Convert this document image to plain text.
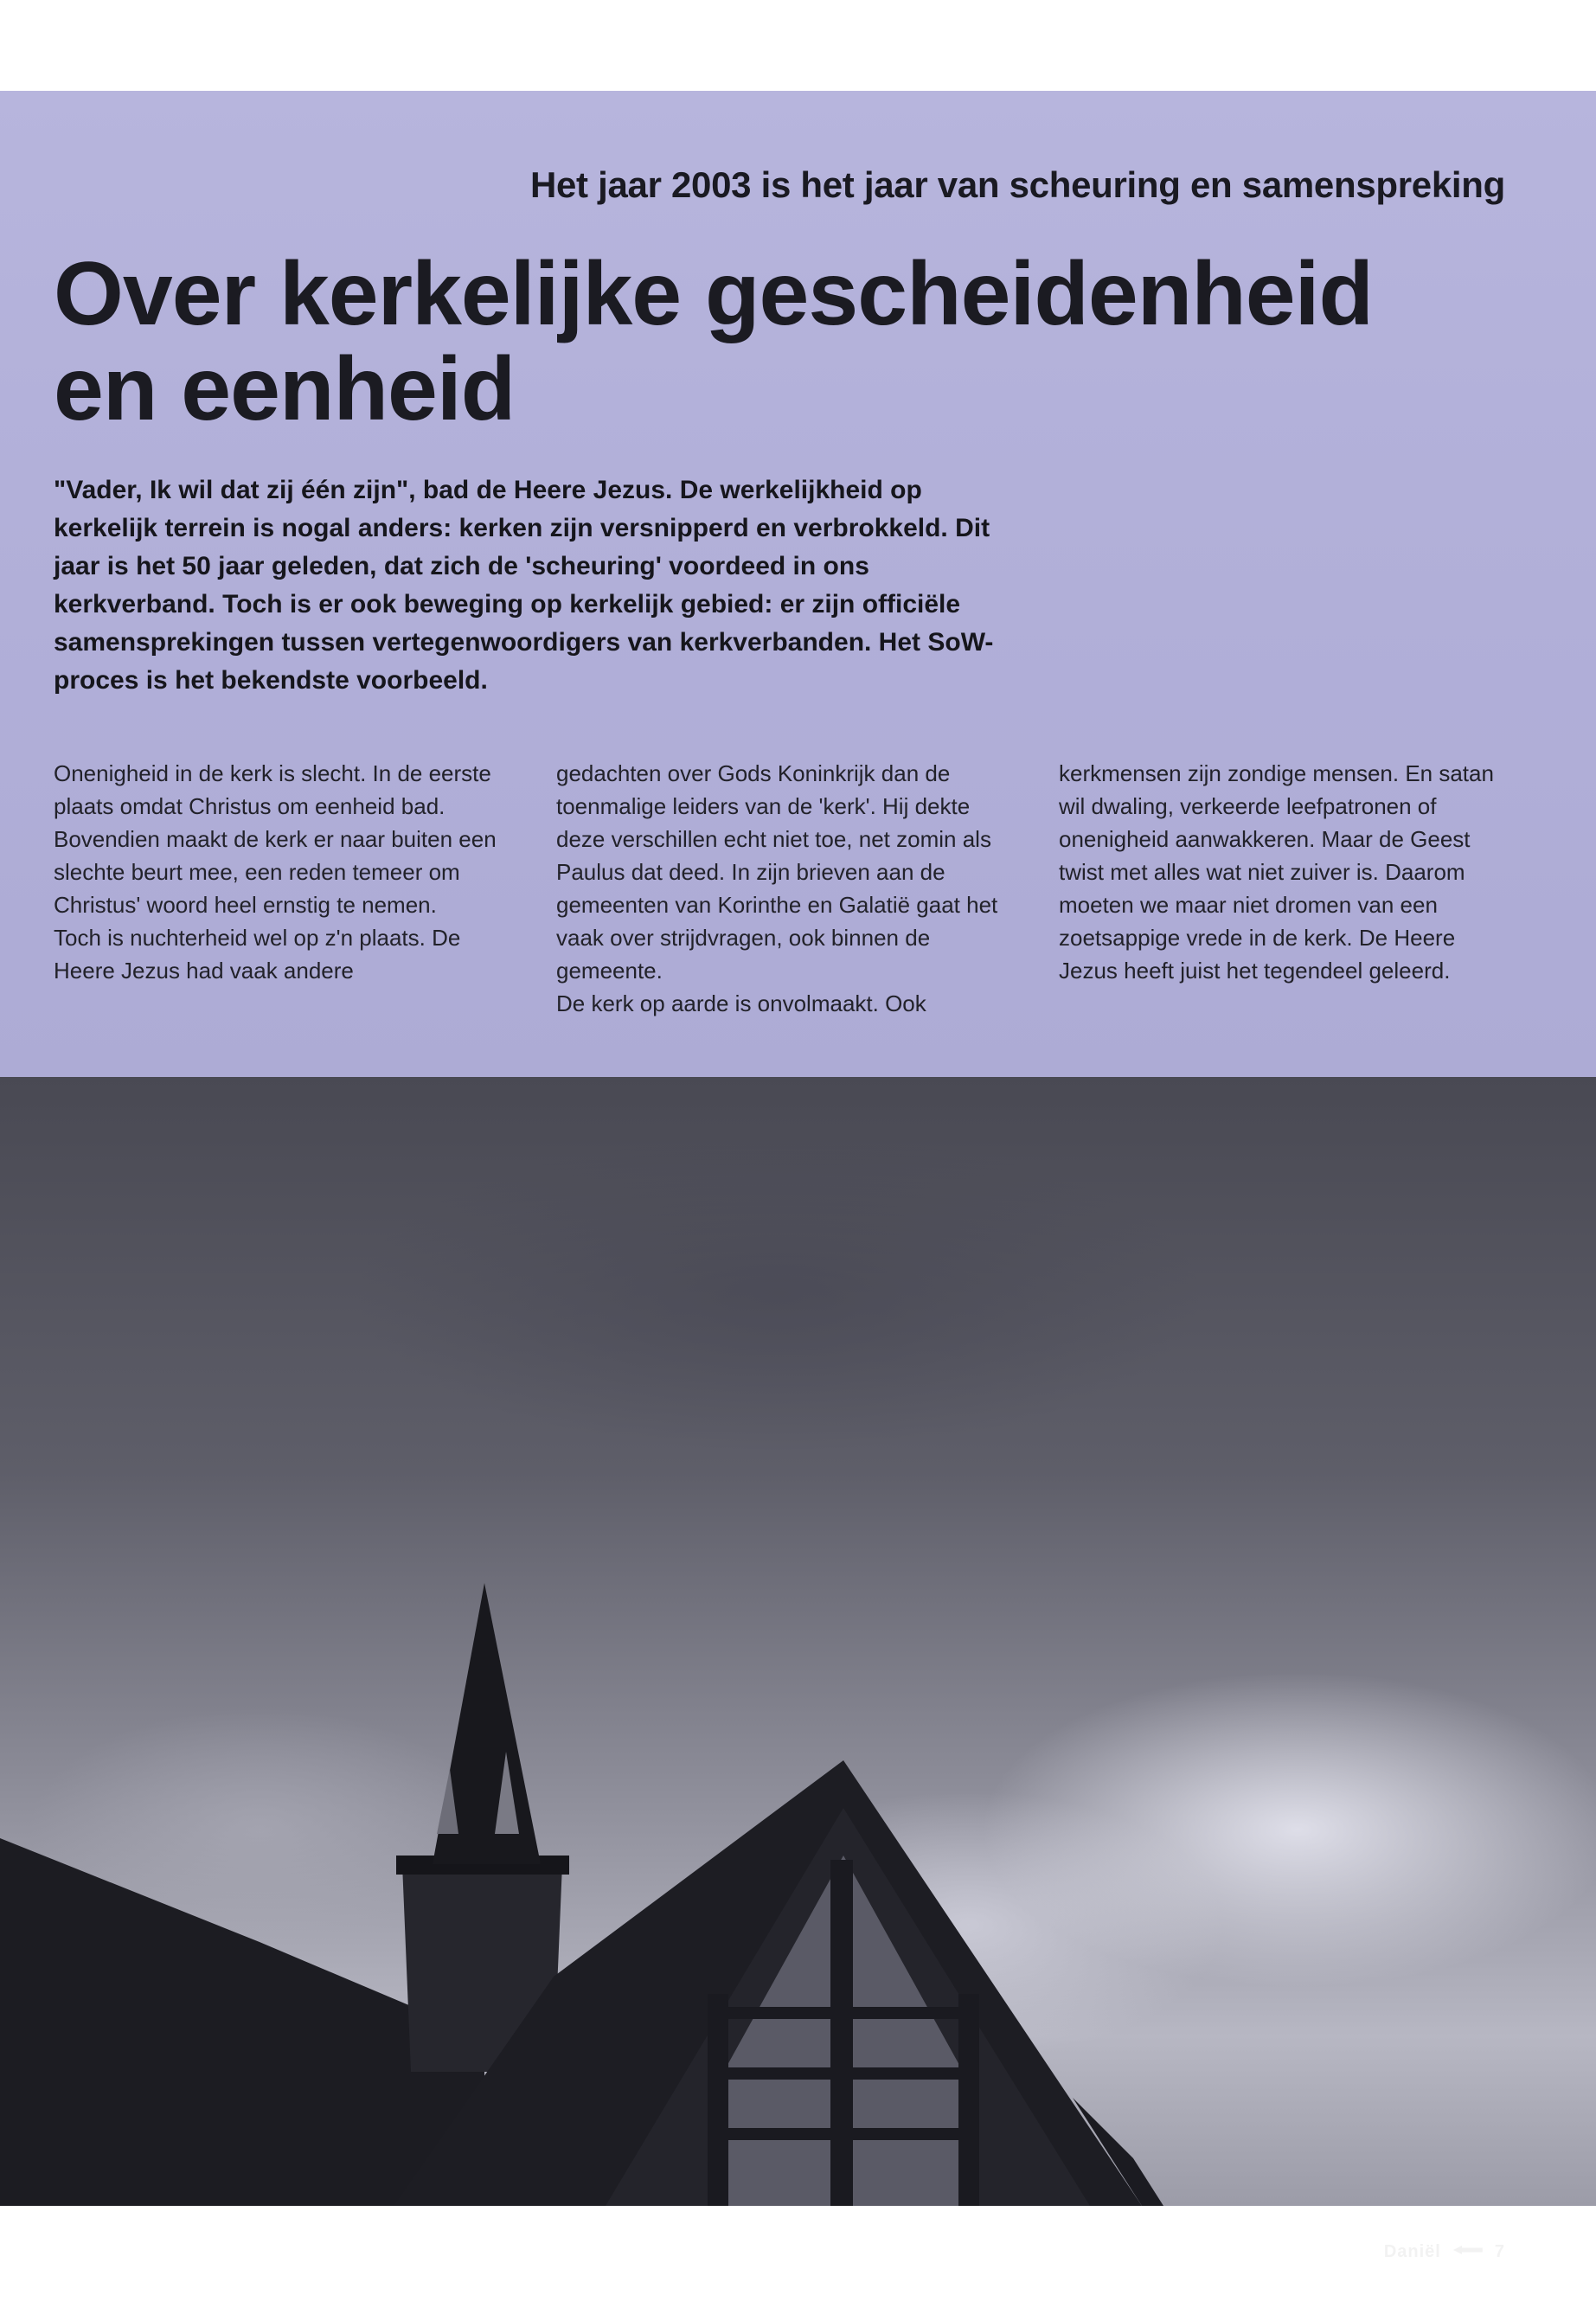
Het jaar 2003 is het jaar van scheuring en samenspreking
Over kerkelijke gescheidenheid
en eenheid

"Vader, Ik wil dat zij één zijn", bad de Heere Jezus. De werkelijkheid op kerkelijk terrein is nogal anders: kerken zijn versnipperd en verbrokkeld. Dit jaar is het 50 jaar geleden, dat zich de 'scheuring' voordeed in ons kerkverband. Toch is er ook beweging op kerkelijk gebied: er zijn officiële samensprekingen tussen vertegenwoordigers van kerkverbanden. Het SoW-proces is het bekendste voorbeeld.

Onenigheid in de kerk is slecht. In de eerste plaats omdat Christus om eenheid bad. Bovendien maakt de kerk er naar buiten een slechte beurt mee, een reden temeer om Christus' woord heel ernstig te nemen.

Toch is nuchterheid wel op z'n plaats. De Heere Jezus had vaak andere

gedachten over Gods Koninkrijk dan de toenmalige leiders van de 'kerk'. Hij dekte deze verschillen echt niet toe, net zomin als Paulus dat deed. In zijn brieven aan de gemeenten van Korinthe en Galatië gaat het vaak over strijdvragen, ook binnen de gemeente.

De kerk op aarde is onvolmaakt. Ook

kerkmensen zijn zondige mensen. En satan wil dwaling, verkeerde leefpatronen of onenigheid aanwakkeren. Maar de Geest twist met alles wat niet zuiver is. Daarom moeten we maar niet dromen van een zoetsappige vrede in de kerk. De Heere Jezus heeft juist het tegendeel geleerd.

Daniël	7
